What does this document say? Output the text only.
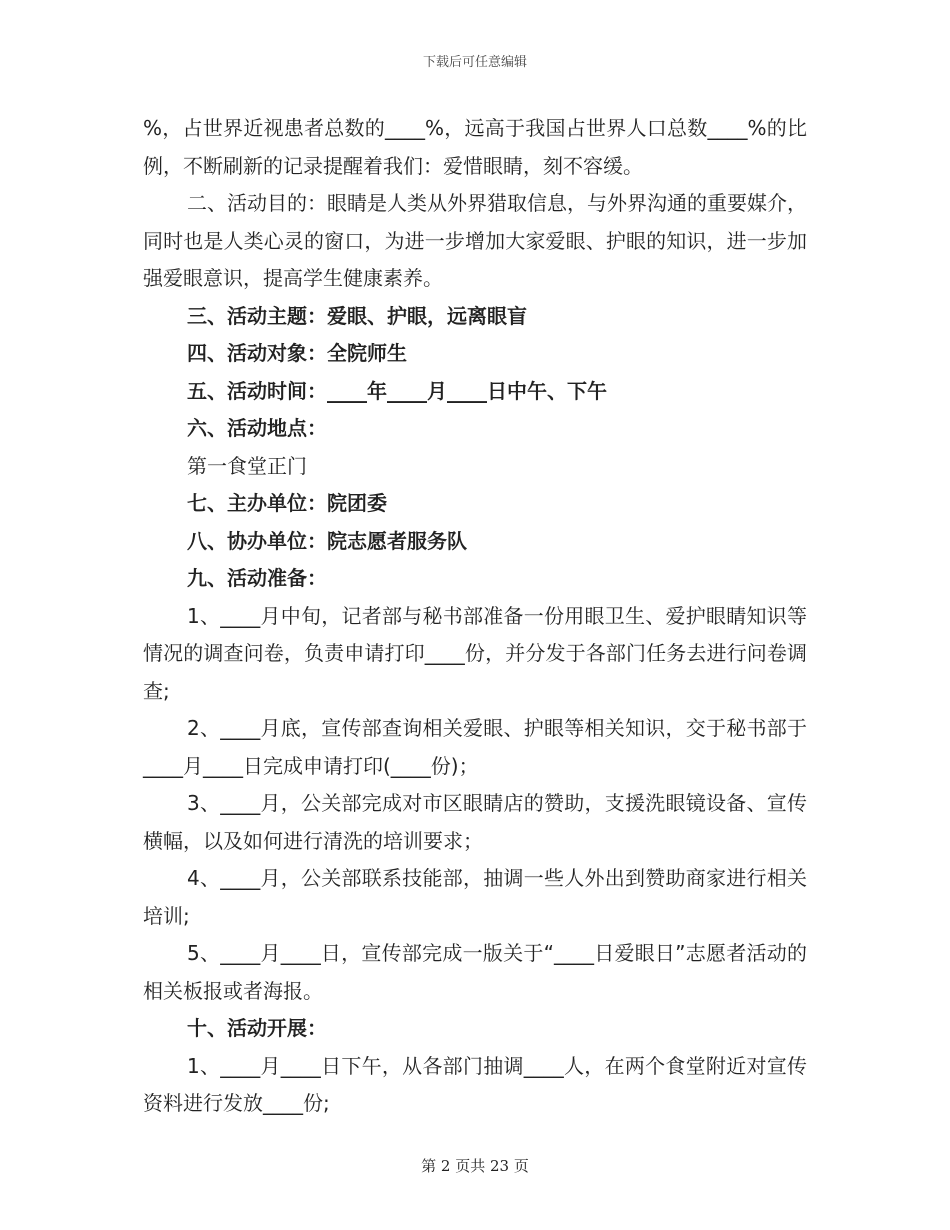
下载后可任意编辑

%，占世界近视患者总数的____%，远高于我国占世界人口总数____%的比例，不断刷新的记录提醒着我们：爱惜眼睛，刻不容缓。

二、活动目的：眼睛是人类从外界猎取信息，与外界沟通的重要媒介，同时也是人类心灵的窗口，为进一步增加大家爱眼、护眼的知识，进一步加强爱眼意识，提高学生健康素养。

三、活动主题：爱眼、护眼，远离眼盲

四、活动对象：全院师生

五、活动时间：____年____月____日中午、下午

六、活动地点：

第一食堂正门

七、主办单位：院团委

八、协办单位：院志愿者服务队

九、活动准备：

1、____月中旬，记者部与秘书部准备一份用眼卫生、爱护眼睛知识等情况的调查问卷，负责申请打印____份，并分发于各部门任务去进行问卷调查;

2、____月底，宣传部查询相关爱眼、护眼等相关知识，交于秘书部于____月____日完成申请打印(____份)；

3、____月，公关部完成对市区眼睛店的赞助，支援洗眼镜设备、宣传横幅，以及如何进行清洗的培训要求；

4、____月，公关部联系技能部，抽调一些人外出到赞助商家进行相关培训;

5、____月____日，宣传部完成一版关于“____日爱眼日”志愿者活动的相关板报或者海报。

十、活动开展：

1、____月____日下午，从各部门抽调____人，在两个食堂附近对宣传资料进行发放____份;

第 2 页共 23 页
